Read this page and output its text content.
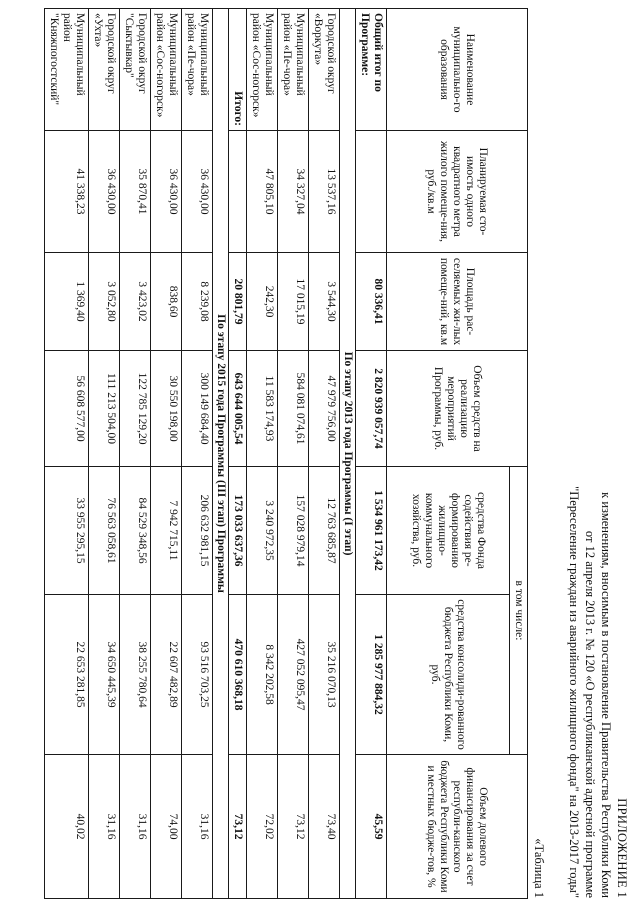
ПРИЛОЖЕНИЕ 1
к изменениям, вносимым в постановление Правительства Республики Коми
от 12 апреля 2013 г. № 120 «О республиканской адресной программе
"Переселение граждан из аварийного жилищного фонда" на 2013-2017 годы"
«Таблица 1
Наименование муниципально-го образования	Планируемая сто-имость одного квадратного метра жилого помеще-ния, руб./кв.м	Площадь рас-селяемых жи-лых помеще-ний, кв.м	Объем средств на реализацию мероприятий Программы, руб.	в том числе:		Объем долевого финансирования за счет республи-канского бюджета Республики Коми и местных бюдже-тов, %
				средства Фонда содействия ре-формированию жилищно-коммунального хозяйства, руб.	средства консолиди-рованного бюджета Республики Коми, руб.	
Общий итог по Программе:		80 336,41	2 820 939 057,74	1 534 961 173,42	1 285 977 884,32	45,59
По этапу 2013 года Программы (I этап)						
Городской округ «Воркута»	13 537,16	3 544,30	47 979 756,00	12 763 685,87	35 216 070,13	73,40
Муниципальный район «Пе-чора»	34 327,04	17 015,19	584 081 074,61	157 028 979,14	427 052 095,47	73,12
Муниципальный район «Сос-ногорск»	47 805,10	242,30	11 583 174,93	3 240 972,35	8 342 202,58	72,02
Итого:		20 801,79	643 644 005,54	173 033 637,36	470 610 368,18	73,12
По этапу 2015 года Программы (III этап) Программы						
Муниципальный район «Пе-чора»	36 430,00	8 239,08	300 149 684,40	206 632 981,15	93 516 703,25	31,16
Муниципальный район «Сос-ногорск»	36 430,00	838,60	30 550 198,00	7 942 715,11	22 607 482,89	74,00
Городской округ "Сыктывкар"	35 870,41	3 423,02	122 785 129,20	84 529 348,56	38 255 780,64	31,16
Городской округ «Ухта»	36 430,00	3 052,80	111 213 504,00	76 563 058,61	34 650 445,39	31,16
Муниципальный район "Княжпогостский"	41 338,23	1 369,40	56 608 577,00	33 955 295,15	22 653 281,85	40,02
